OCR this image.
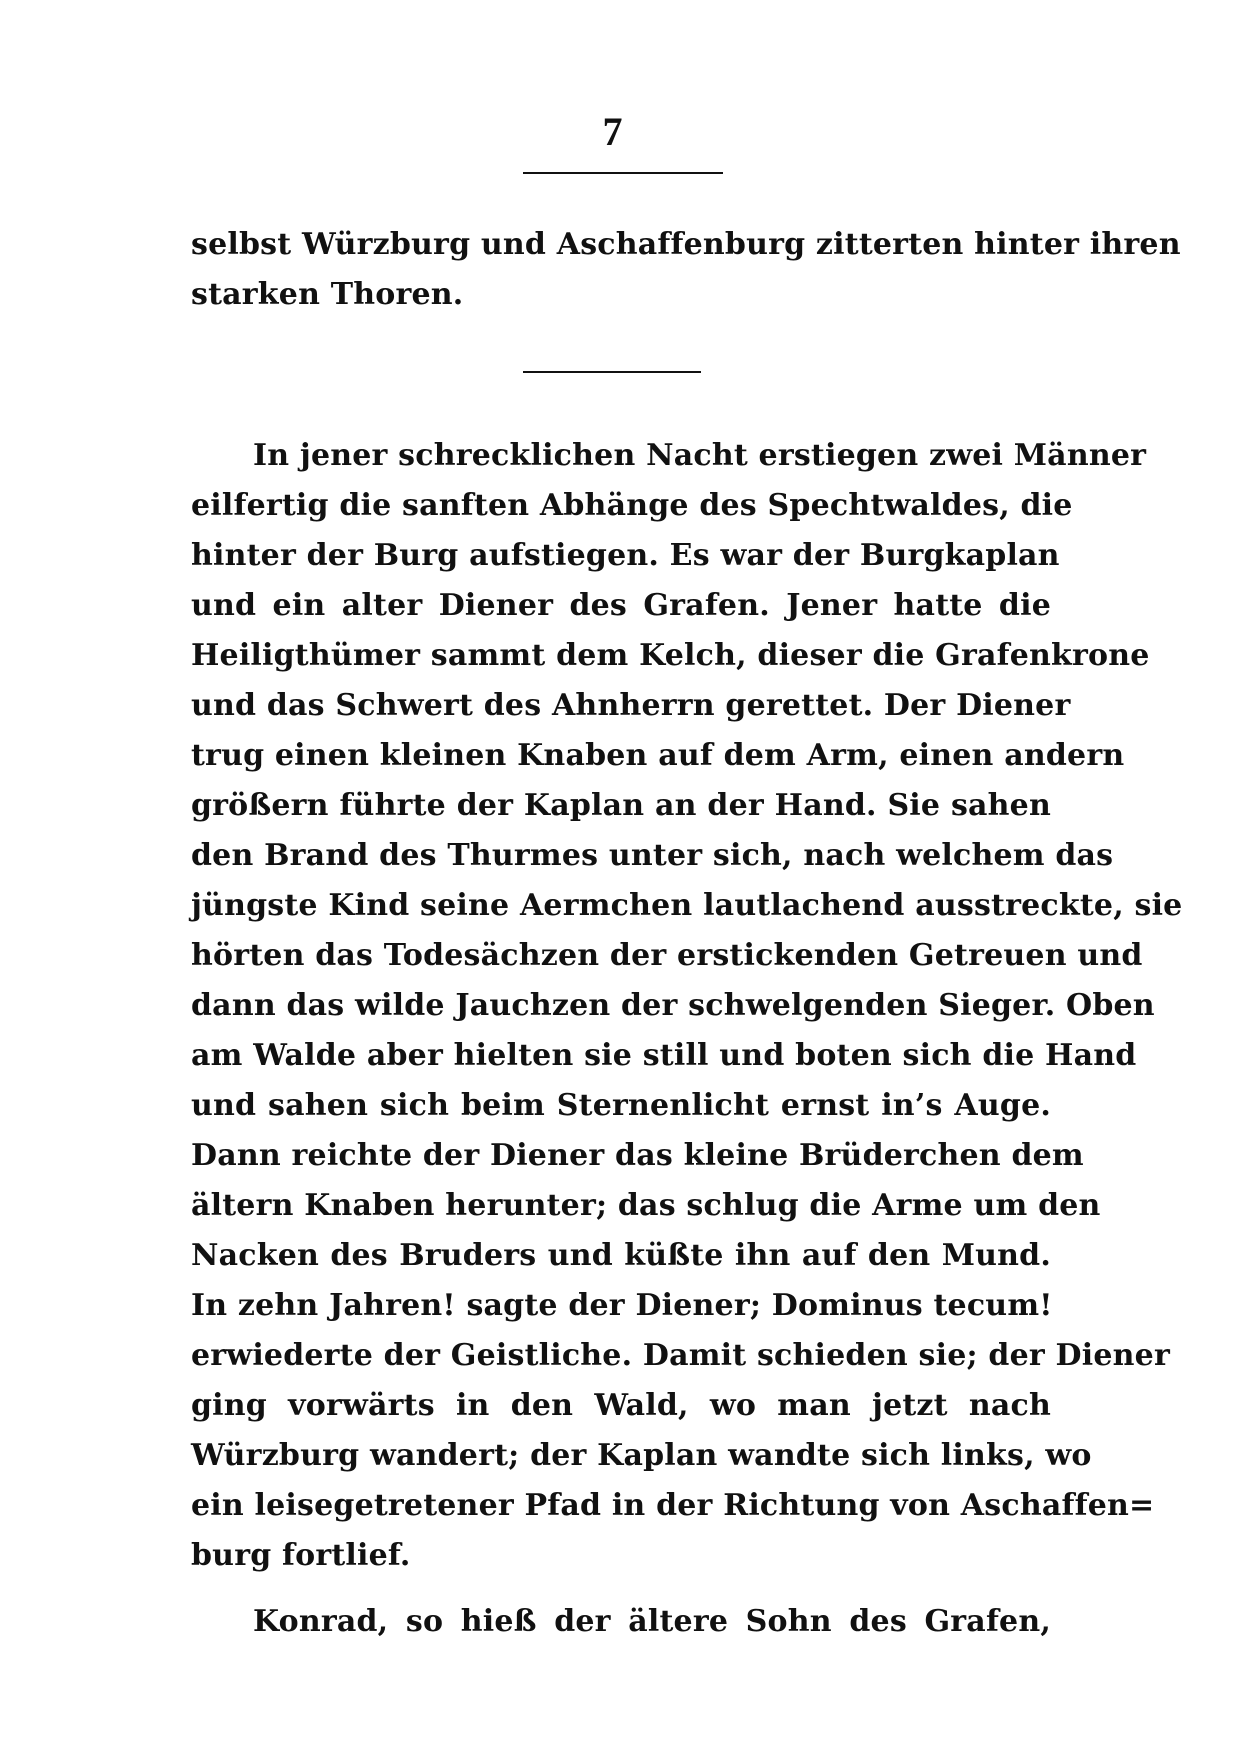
7
selbst Würzburg und Aschaffenburg zitterten hinter ihren
starken Thoren.
In jener schrecklichen Nacht erstiegen zwei Männer
eilfertig die sanften Abhänge des Spechtwaldes, die
hinter der Burg aufstiegen. Es war der Burgkaplan
und ein alter Diener des Grafen. Jener hatte die
Heiligthümer sammt dem Kelch, dieser die Grafenkrone
und das Schwert des Ahnherrn gerettet. Der Diener
trug einen kleinen Knaben auf dem Arm, einen andern
größern führte der Kaplan an der Hand. Sie sahen
den Brand des Thurmes unter sich, nach welchem das
jüngste Kind seine Aermchen lautlachend ausstreckte, sie
hörten das Todesächzen der erstickenden Getreuen und
dann das wilde Jauchzen der schwelgenden Sieger. Oben
am Walde aber hielten sie still und boten sich die Hand
und sahen sich beim Sternenlicht ernst in’s Auge.
Dann reichte der Diener das kleine Brüderchen dem
ältern Knaben herunter; das schlug die Arme um den
Nacken des Bruders und küßte ihn auf den Mund.
In zehn Jahren! sagte der Diener; Dominus tecum!
erwiederte der Geistliche. Damit schieden sie; der Diener
ging vorwärts in den Wald, wo man jetzt nach
Würzburg wandert; der Kaplan wandte sich links, wo
ein leisegetretener Pfad in der Richtung von Aschaffen=
burg fortlief.
Konrad, so hieß der ältere Sohn des Grafen,
